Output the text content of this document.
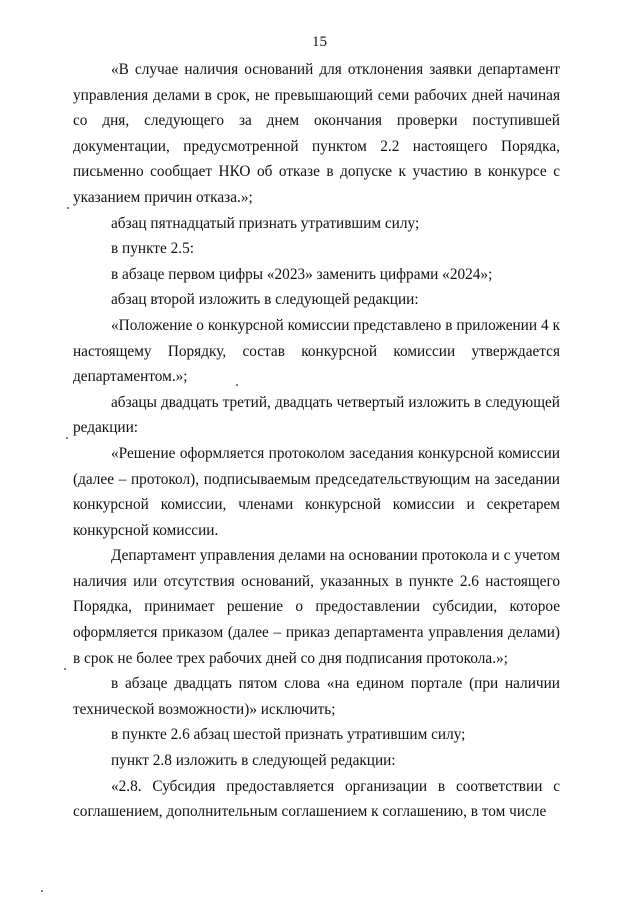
15

«В случае наличия оснований для отклонения заявки департамент управления делами в срок, не превышающий семи рабочих дней начиная со дня, следующего за днем окончания проверки поступившей документации, предусмотренной пунктом 2.2 настоящего Порядка, письменно сообщает НКО об отказе в допуске к участию в конкурсе с указанием причин отказа.»;

абзац пятнадцатый признать утратившим силу;

в пункте 2.5:

в абзаце первом цифры «2023» заменить цифрами «2024»;

абзац второй изложить в следующей редакции:

«Положение о конкурсной комиссии представлено в приложении 4 к настоящему Порядку, состав конкурсной комиссии утверждается департаментом.»;

абзацы двадцать третий, двадцать четвертый изложить в следующей редакции:

«Решение оформляется протоколом заседания конкурсной комиссии (далее – протокол), подписываемым председательствующим на заседании конкурсной комиссии, членами конкурсной комиссии и секретарем конкурсной комиссии.

Департамент управления делами на основании протокола и с учетом наличия или отсутствия оснований, указанных в пункте 2.6 настоящего Порядка, принимает решение о предоставлении субсидии, которое оформляется приказом (далее – приказ департамента управления делами) в срок не более трех рабочих дней со дня подписания протокола.»;

в абзаце двадцать пятом слова «на едином портале (при наличии технической возможности)» исключить;

в пункте 2.6 абзац шестой признать утратившим силу;

пункт 2.8 изложить в следующей редакции:

«2.8. Субсидия предоставляется организации в соответствии с соглашением, дополнительным соглашением к соглашению, в том числе
